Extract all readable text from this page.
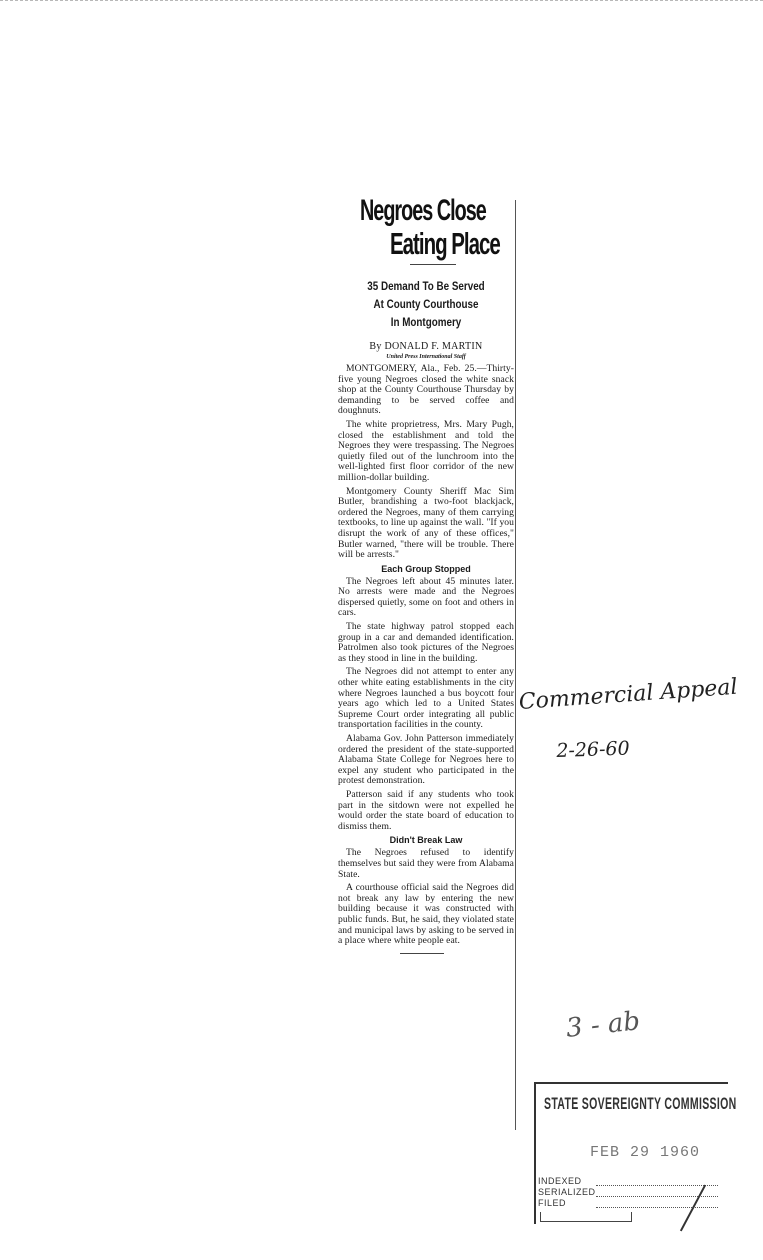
Negroes Close
Eating Place
35 Demand To Be Served
At County Courthouse
In Montgomery
By DONALD F. MARTIN
United Press International Staff

MONTGOMERY, Ala., Feb. 25.—Thirty-five young Negroes closed the white snack shop at the County Courthouse Thursday by demanding to be served coffee and doughnuts.

The white proprietress, Mrs. Mary Pugh, closed the establishment and told the Negroes they were trespassing. The Negroes quietly filed out of the lunchroom into the well-lighted first floor corridor of the new million-dollar building.

Montgomery County Sheriff Mac Sim Butler, brandishing a two-foot blackjack, ordered the Negroes, many of them carrying textbooks, to line up against the wall. "If you disrupt the work of any of these offices," Butler warned, "there will be trouble. There will be arrests."

Each Group Stopped

The Negroes left about 45 minutes later. No arrests were made and the Negroes dispersed quietly, some on foot and others in cars.

The state highway patrol stopped each group in a car and demanded identification. Patrolmen also took pictures of the Negroes as they stood in line in the building.

The Negroes did not attempt to enter any other white eating establishments in the city where Negroes launched a bus boycott four years ago which led to a United States Supreme Court order integrating all public transportation facilities in the county.

Alabama Gov. John Patterson immediately ordered the president of the state-supported Alabama State College for Negroes here to expel any student who participated in the protest demonstration.

Patterson said if any students who took part in the sitdown were not expelled he would order the state board of education to dismiss them.

Didn't Break Law

The Negroes refused to identify themselves but said they were from Alabama State.

A courthouse official said the Negroes did not break any law by entering the new building because it was constructed with public funds. But, he said, they violated state and municipal laws by asking to be served in a place where white people eat.

Commercial Appeal
2-26-60
3 - ab
STATE SOVEREIGNTY COMMISSION
FEB 29 1960
INDEXED
SERIALIZED
FILED
